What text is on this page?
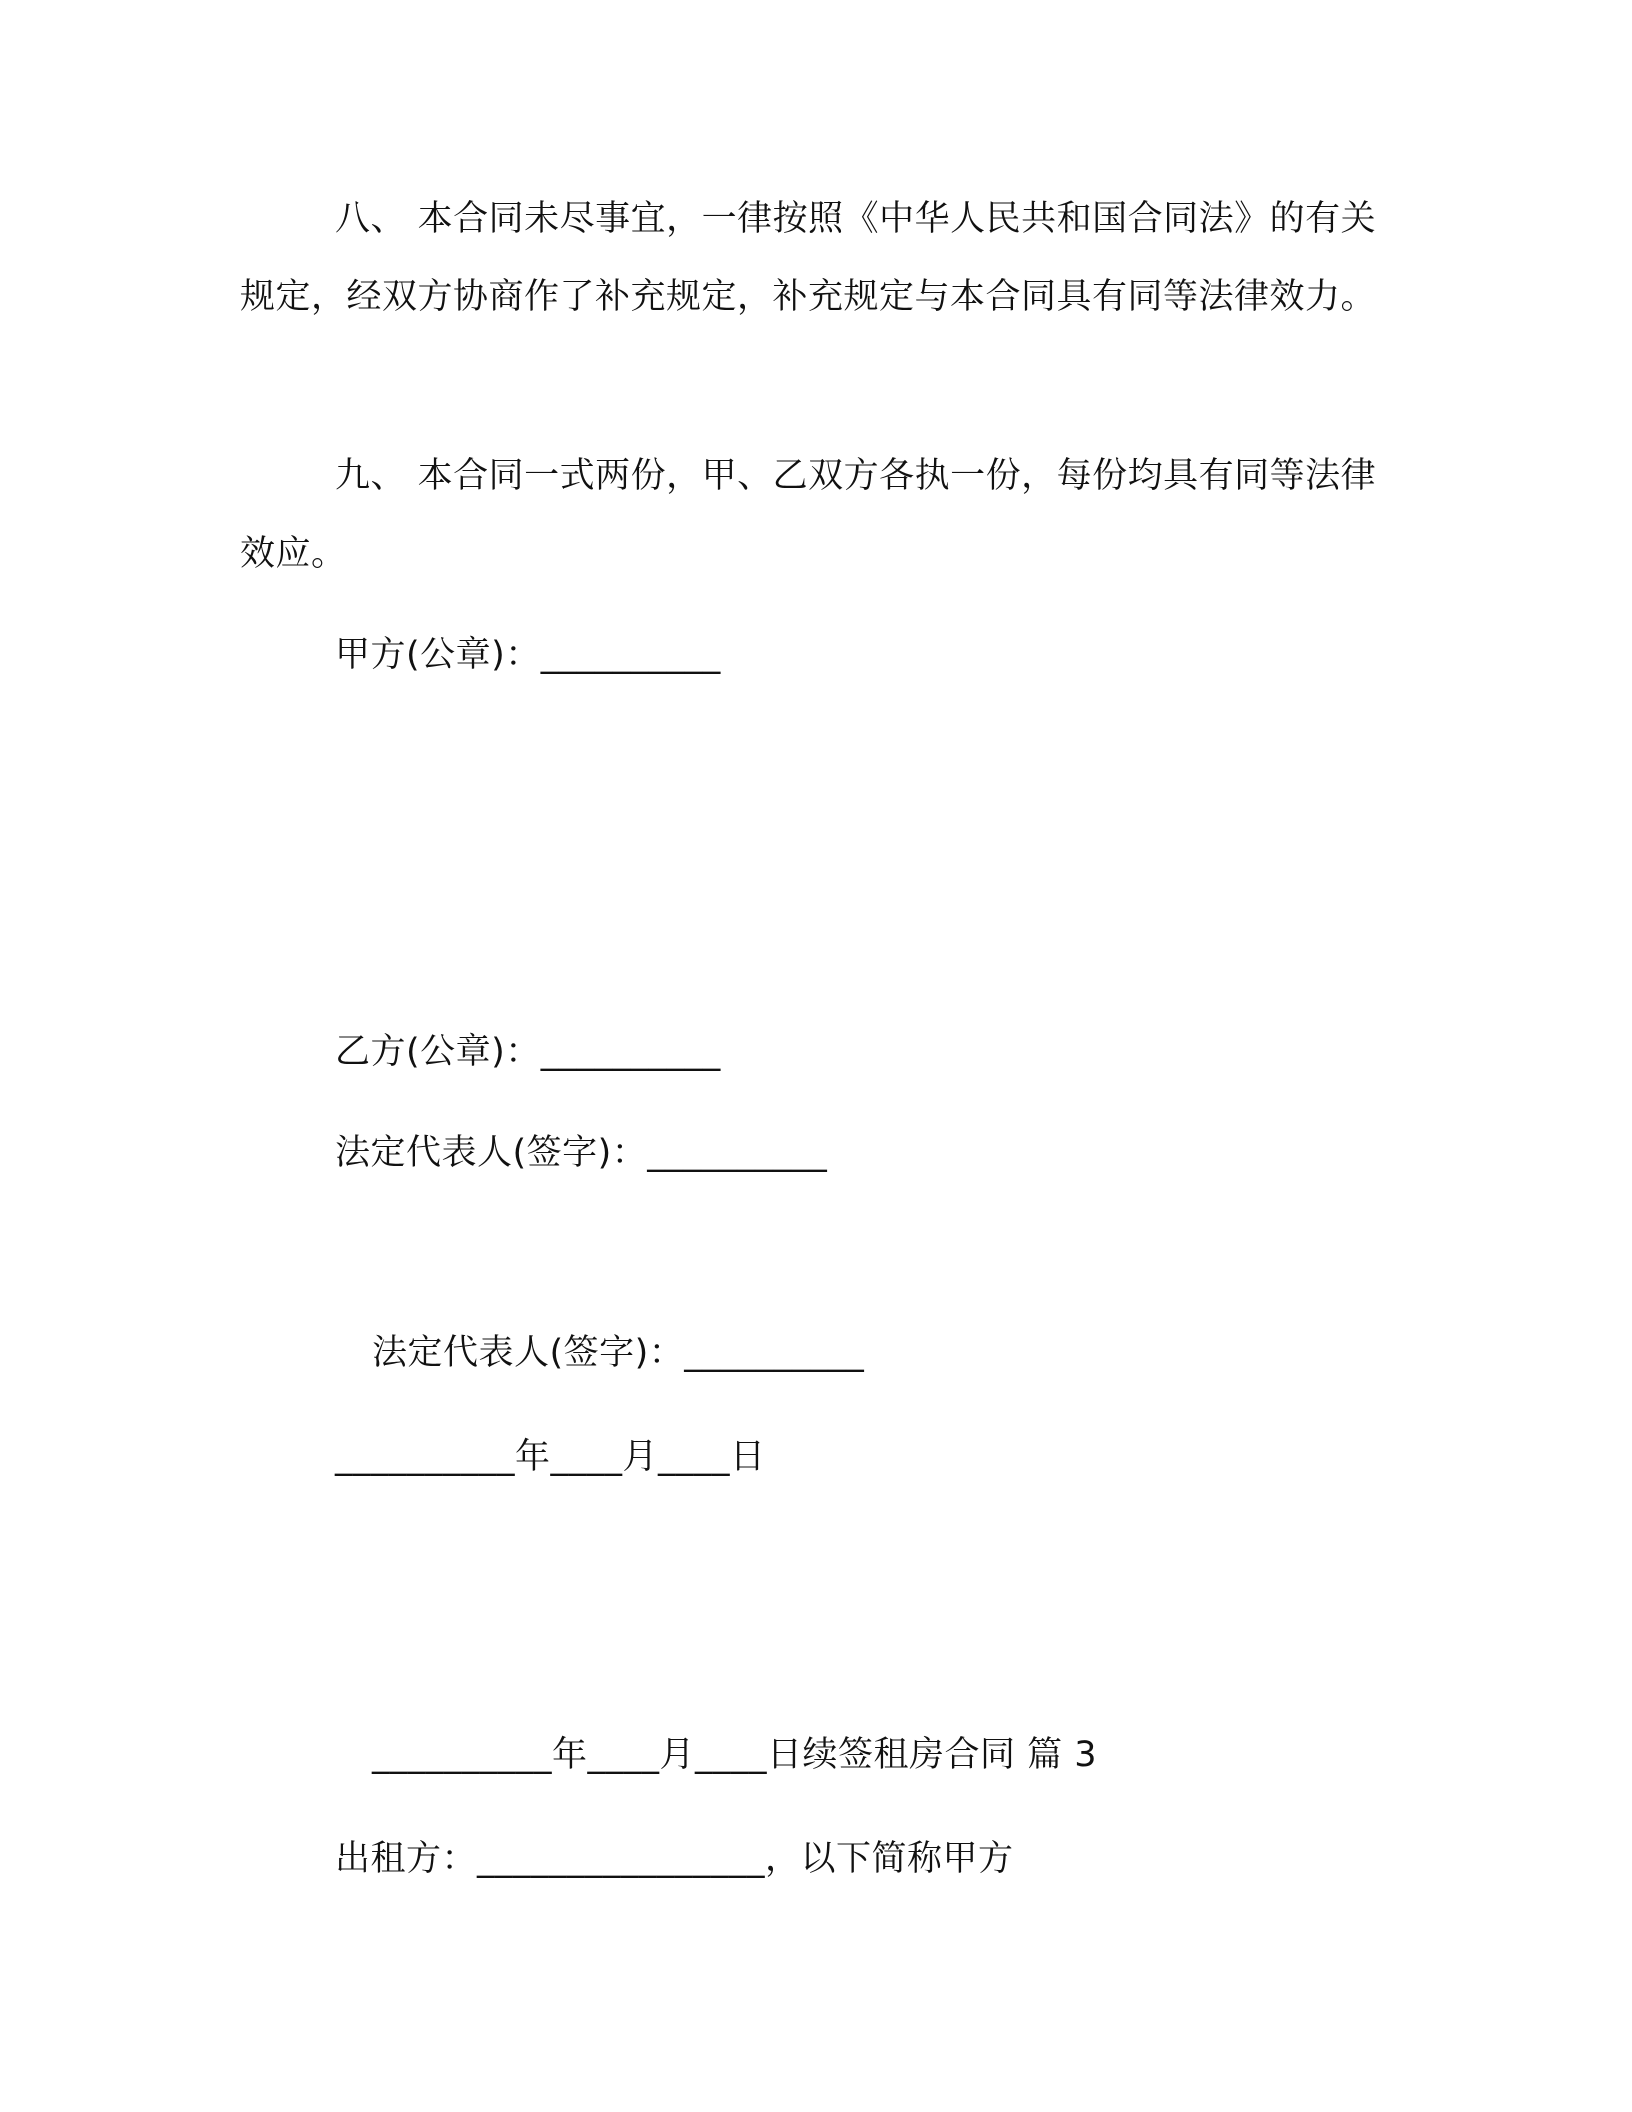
八、 本合同未尽事宜，一律按照《中华人民共和国合同法》的有关规定，经双方协商作了补充规定，补充规定与本合同具有同等法律效力。

九、 本合同一式两份，甲、乙双方各执一份，每份均具有同等法律效应。

甲方(公章)：__________

乙方(公章)：__________

法定代表人(签字)：__________

法定代表人(签字)：__________

__________年____月____日

__________年____月____日续签租房合同 篇 3

出租方：________________，以下简称甲方
